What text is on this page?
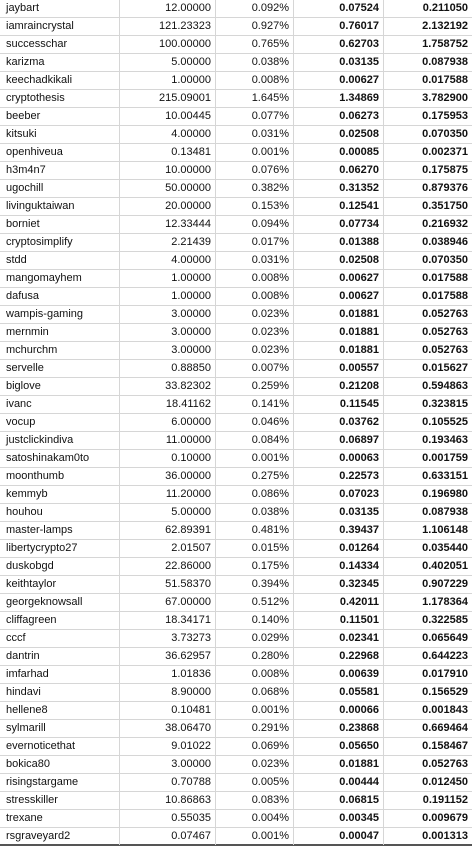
jaybart	12.00000	0.092%	0.07524	0.211050
iamraincrystal	121.23323	0.927%	0.76017	2.132192
successchar	100.00000	0.765%	0.62703	1.758752
karizma	5.00000	0.038%	0.03135	0.087938
keechadkikali	1.00000	0.008%	0.00627	0.017588
cryptothesis	215.09001	1.645%	1.34869	3.782900
beeber	10.00445	0.077%	0.06273	0.175953
kitsuki	4.00000	0.031%	0.02508	0.070350
openhiveua	0.13481	0.001%	0.00085	0.002371
h3m4n7	10.00000	0.076%	0.06270	0.175875
ugochill	50.00000	0.382%	0.31352	0.879376
livinguktaiwan	20.00000	0.153%	0.12541	0.351750
borniet	12.33444	0.094%	0.07734	0.216932
cryptosimplify	2.21439	0.017%	0.01388	0.038946
stdd	4.00000	0.031%	0.02508	0.070350
mangomayhem	1.00000	0.008%	0.00627	0.017588
dafusa	1.00000	0.008%	0.00627	0.017588
wampis-gaming	3.00000	0.023%	0.01881	0.052763
mernmin	3.00000	0.023%	0.01881	0.052763
mchurchm	3.00000	0.023%	0.01881	0.052763
servelle	0.88850	0.007%	0.00557	0.015627
biglove	33.82302	0.259%	0.21208	0.594863
ivanc	18.41162	0.141%	0.11545	0.323815
vocup	6.00000	0.046%	0.03762	0.105525
justclickindiva	11.00000	0.084%	0.06897	0.193463
satoshinakam0to	0.10000	0.001%	0.00063	0.001759
moonthumb	36.00000	0.275%	0.22573	0.633151
kemmyb	11.20000	0.086%	0.07023	0.196980
houhou	5.00000	0.038%	0.03135	0.087938
master-lamps	62.89391	0.481%	0.39437	1.106148
libertycrypto27	2.01507	0.015%	0.01264	0.035440
duskobgd	22.86000	0.175%	0.14334	0.402051
keithtaylor	51.58370	0.394%	0.32345	0.907229
georgeknowsall	67.00000	0.512%	0.42011	1.178364
cliffagreen	18.34171	0.140%	0.11501	0.322585
cccf	3.73273	0.029%	0.02341	0.065649
dantrin	36.62957	0.280%	0.22968	0.644223
imfarhad	1.01836	0.008%	0.00639	0.017910
hindavi	8.90000	0.068%	0.05581	0.156529
hellene8	0.10481	0.001%	0.00066	0.001843
sylmarill	38.06470	0.291%	0.23868	0.669464
evernoticethat	9.01022	0.069%	0.05650	0.158467
bokica80	3.00000	0.023%	0.01881	0.052763
risingstargame	0.70788	0.005%	0.00444	0.012450
stresskiller	10.86863	0.083%	0.06815	0.191152
trexane	0.55035	0.004%	0.00345	0.009679
rsgraveyard2	0.07467	0.001%	0.00047	0.001313
